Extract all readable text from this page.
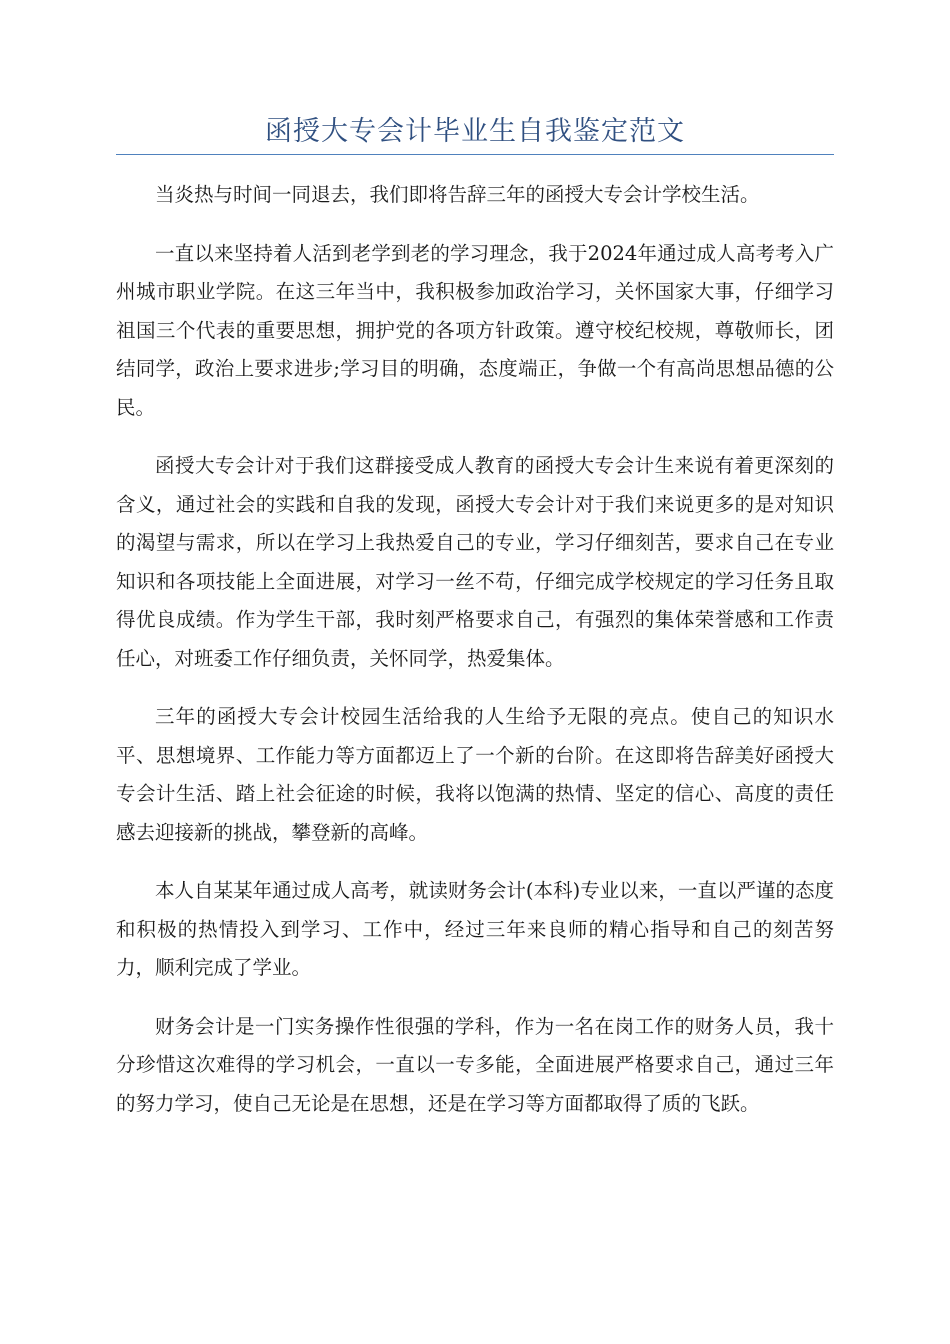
函授大专会计毕业生自我鉴定范文

当炎热与时间一同退去，我们即将告辞三年的函授大专会计学校生活。

一直以来坚持着人活到老学到老的学习理念，我于2024年通过成人高考考入广州城市职业学院。在这三年当中，我积极参加政治学习，关怀国家大事，仔细学习祖国三个代表的重要思想，拥护党的各项方针政策。遵守校纪校规，尊敬师长，团结同学，政治上要求进步;学习目的明确，态度端正，争做一个有高尚思想品德的公民。

函授大专会计对于我们这群接受成人教育的函授大专会计生来说有着更深刻的含义，通过社会的实践和自我的发现，函授大专会计对于我们来说更多的是对知识的渴望与需求，所以在学习上我热爱自己的专业，学习仔细刻苦，要求自己在专业知识和各项技能上全面进展，对学习一丝不苟，仔细完成学校规定的学习任务且取得优良成绩。作为学生干部，我时刻严格要求自己，有强烈的集体荣誉感和工作责任心，对班委工作仔细负责，关怀同学，热爱集体。

三年的函授大专会计校园生活给我的人生给予无限的亮点。使自己的知识水平、思想境界、工作能力等方面都迈上了一个新的台阶。在这即将告辞美好函授大专会计生活、踏上社会征途的时候，我将以饱满的热情、坚定的信心、高度的责任感去迎接新的挑战，攀登新的高峰。

本人自某某年通过成人高考，就读财务会计(本科)专业以来，一直以严谨的态度和积极的热情投入到学习、工作中，经过三年来良师的精心指导和自己的刻苦努力，顺利完成了学业。

财务会计是一门实务操作性很强的学科，作为一名在岗工作的财务人员，我十分珍惜这次难得的学习机会，一直以一专多能，全面进展严格要求自己，通过三年的努力学习，使自己无论是在思想，还是在学习等方面都取得了质的飞跃。
